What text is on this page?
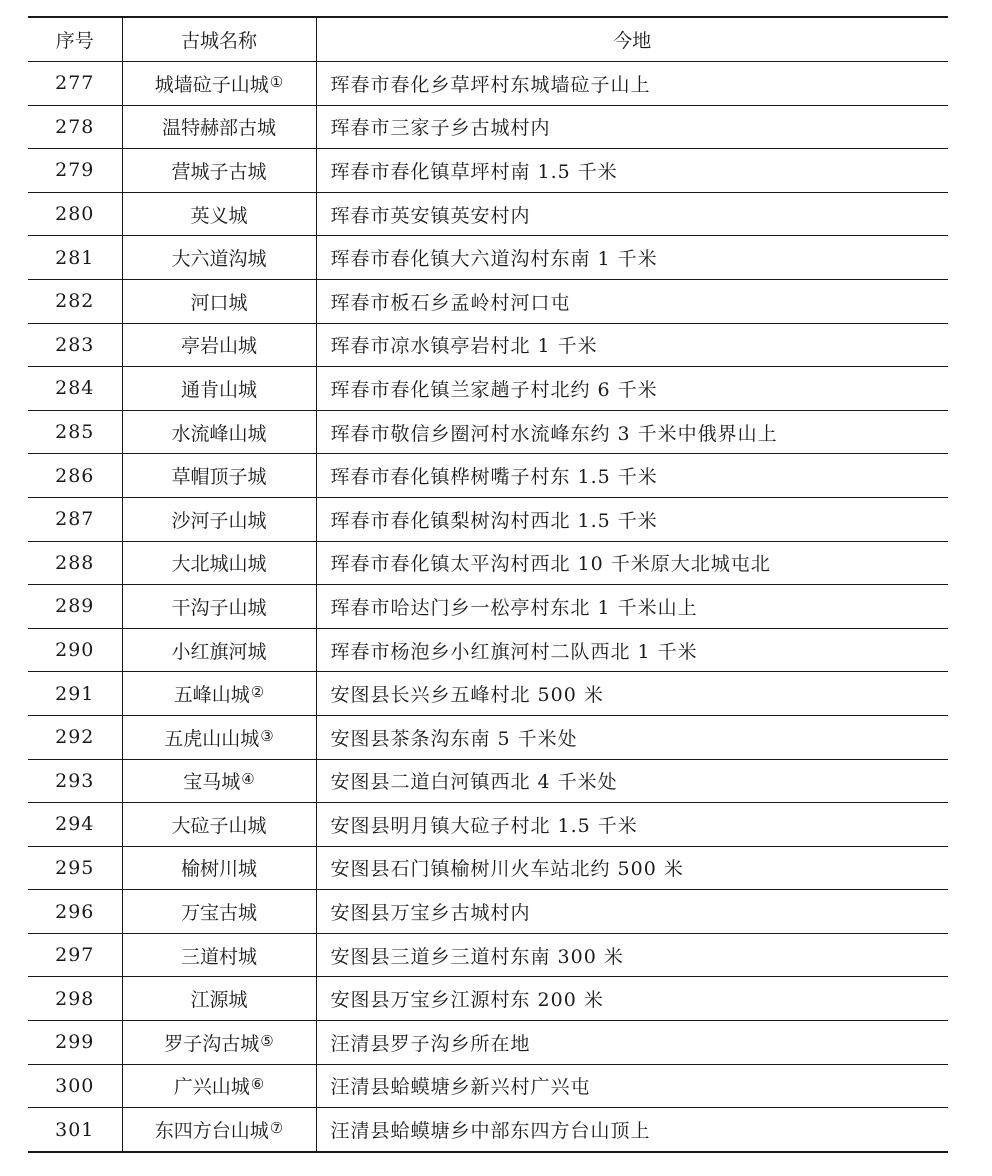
序号	古城名称	今地
277	城墙砬子山城①	珲春市春化乡草坪村东城墙砬子山上
278	温特赫部古城	珲春市三家子乡古城村内
279	营城子古城	珲春市春化镇草坪村南 1.5 千米
280	英义城	珲春市英安镇英安村内
281	大六道沟城	珲春市春化镇大六道沟村东南 1 千米
282	河口城	珲春市板石乡孟岭村河口屯
283	亭岩山城	珲春市凉水镇亭岩村北 1 千米
284	通肯山城	珲春市春化镇兰家趟子村北约 6 千米
285	水流峰山城	珲春市敬信乡圈河村水流峰东约 3 千米中俄界山上
286	草帽顶子城	珲春市春化镇桦树嘴子村东 1.5 千米
287	沙河子山城	珲春市春化镇梨树沟村西北 1.5 千米
288	大北城山城	珲春市春化镇太平沟村西北 10 千米原大北城屯北
289	干沟子山城	珲春市哈达门乡一松亭村东北 1 千米山上
290	小红旗河城	珲春市杨泡乡小红旗河村二队西北 1 千米
291	五峰山城②	安图县长兴乡五峰村北 500 米
292	五虎山山城③	安图县茶条沟东南 5 千米处
293	宝马城④	安图县二道白河镇西北 4 千米处
294	大砬子山城	安图县明月镇大砬子村北 1.5 千米
295	榆树川城	安图县石门镇榆树川火车站北约 500 米
296	万宝古城	安图县万宝乡古城村内
297	三道村城	安图县三道乡三道村东南 300 米
298	江源城	安图县万宝乡江源村东 200 米
299	罗子沟古城⑤	汪清县罗子沟乡所在地
300	广兴山城⑥	汪清县蛤蟆塘乡新兴村广兴屯
301	东四方台山城⑦	汪清县蛤蟆塘乡中部东四方台山顶上
